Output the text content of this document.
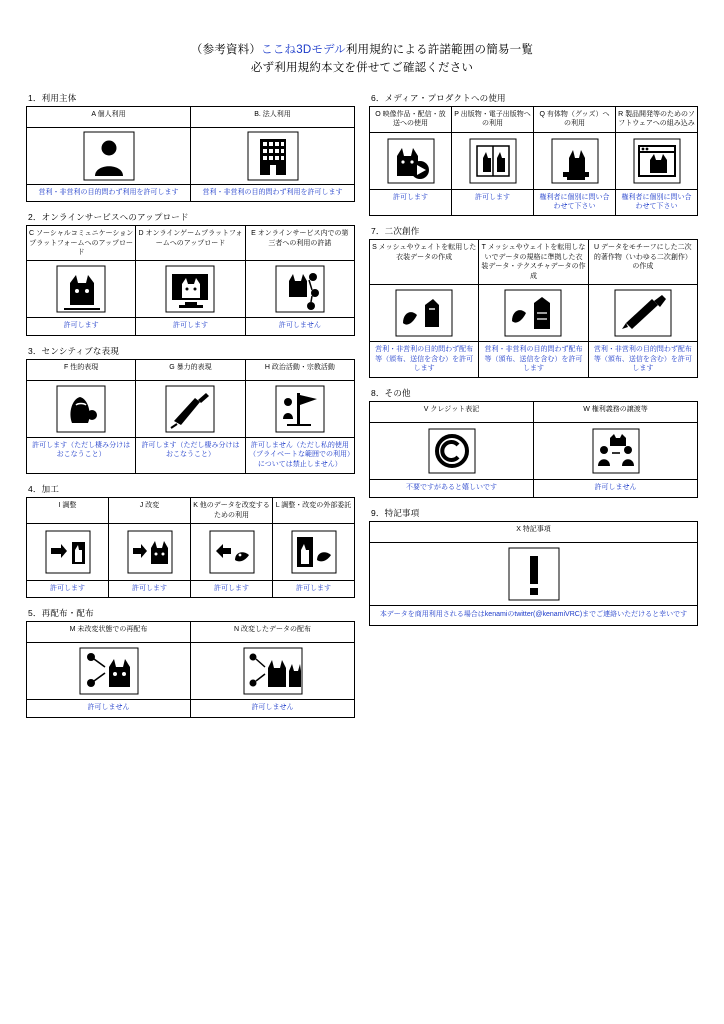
（参考資料）ここね3Dモデル利用規約による許諾範囲の簡易一覧
必ず利用規約本文を併せてご確認ください
1．利用主体
A 個人利用	B. 法人利用

営利・非営利の目的問わず利用を許可します	営利・非営利の目的問わず利用を許可します
2．オンラインサービスへのアップロード
C ソーシャルコミュニケーションプラットフォームへのアップロード	D オンラインゲームプラットフォームへのアップロード	E オンラインサービス内での第三者への利用の許諾

許可します	許可します	許可しません
3．センシティブな表現
F 性的表現	G 暴力的表現	H 政治活動・宗教活動

許可します（ただし棲み分けはおこなうこと）	許可します（ただし棲み分けはおこなうこと）	許可しません（ただし私的使用（プライベートな範囲での利用）については禁止しません）
4．加工
I 調整	J 改変	K 他のデータを改変するための利用	L 調整・改変の外部委託

許可します	許可します	許可します	許可します
5．再配布・配布
M 未改変状態での再配布	N 改変したデータの配布

許可しません	許可しません
6．メディア・プロダクトへの使用
O 映像作品・配信・放送への使用	P 出版物・電子出版物への利用	Q 有体物（グッズ）への利用	R 製品開発等のためのソフトウェアへの組み込み

許可します	許可します	権利者に個別に問い合わせて下さい	権利者に個別に問い合わせて下さい
7．二次創作
S メッシュやウェイトを転用した衣装データの作成	T メッシュやウェイトを転用しないでデータの規格に準拠した衣装データ・テクスチャデータの作成	U データをモチーフにした二次的著作物（いわゆる二次創作）の作成

営利・非営利の目的問わず配布等（頒布、送信を含む）を許可します	営利・非営利の目的問わず配布等（頒布、送信を含む）を許可します	営利・非営利の目的問わず配布等（頒布、送信を含む）を許可します
8．その他
V クレジット表記	W 権利義務の譲渡等

不要ですがあると嬉しいです	許可しません
9．特記事項
X 特記事項

本データを商用利用される場合はkenamiのtwitter(@kenamiVRC)までご連絡いただけると幸いです
